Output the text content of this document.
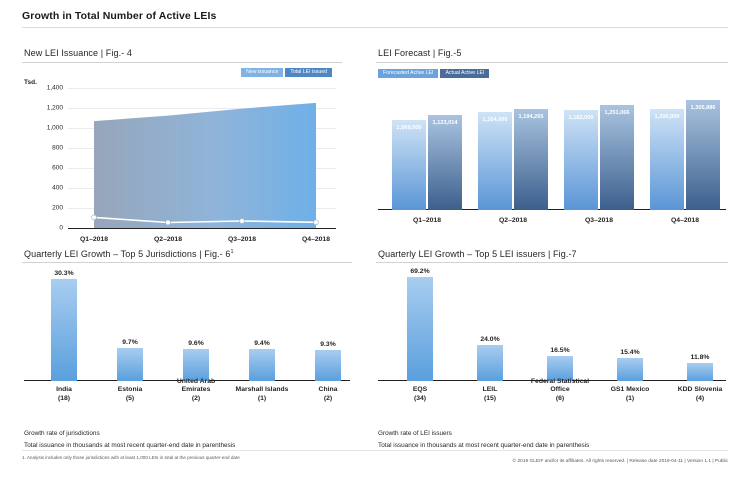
Growth in Total Number of Active LEIs
New LEI Issuance | Fig.- 4
New issuance	Total LEI issued
Tsd.
0
200
400
600
800
1,000
1,200
1,400
Q1–2018	Q2–2018	Q3–2018	Q4–2018
LEI Forecast | Fig.-5
Forecasted Active LEI	Actual Active LEI
1,069,000
1,123,014
Q1–2018
1,164,000 1,194,265
Q2–2018
1,182,000
1,251,066
Q3–2018
1,200,000
1,305,886
Q4–2018
Quarterly LEI Growth – Top 5 Jurisdictions | Fig.- $6^1$
30.3%
India
(18)
9.7%
Estonia
(5)
9.6%
United Arab Emirates
(2)
9.4%
Marshall Islands
(1)
9.3%
China
(2)
Growth rate of jurisdictions
Total issuance in thousands at most recent quarter-end date in parenthesis
Quarterly LEI Growth – Top 5 LEI issuers | Fig.-7
69.2%
EQS
(34)
24.0%
LEIL
(15)
16.5%
Federal Statistical Office
(6)
15.4%
GS1 Mexico
(1)
11.8%
KDD Slovenia
(4)
Growth rate of LEI issuers
Total issuance in thousands at most recent quarter-end date in parenthesis
1. Analysis includes only those jurisdictions with at least 1,000 LEIs in total at the previous quarter-end date
© 2019 GLEIF and/or its affiliates. All rights reserved. | Release date 2019-04-11 | Version 1.1 | Public
